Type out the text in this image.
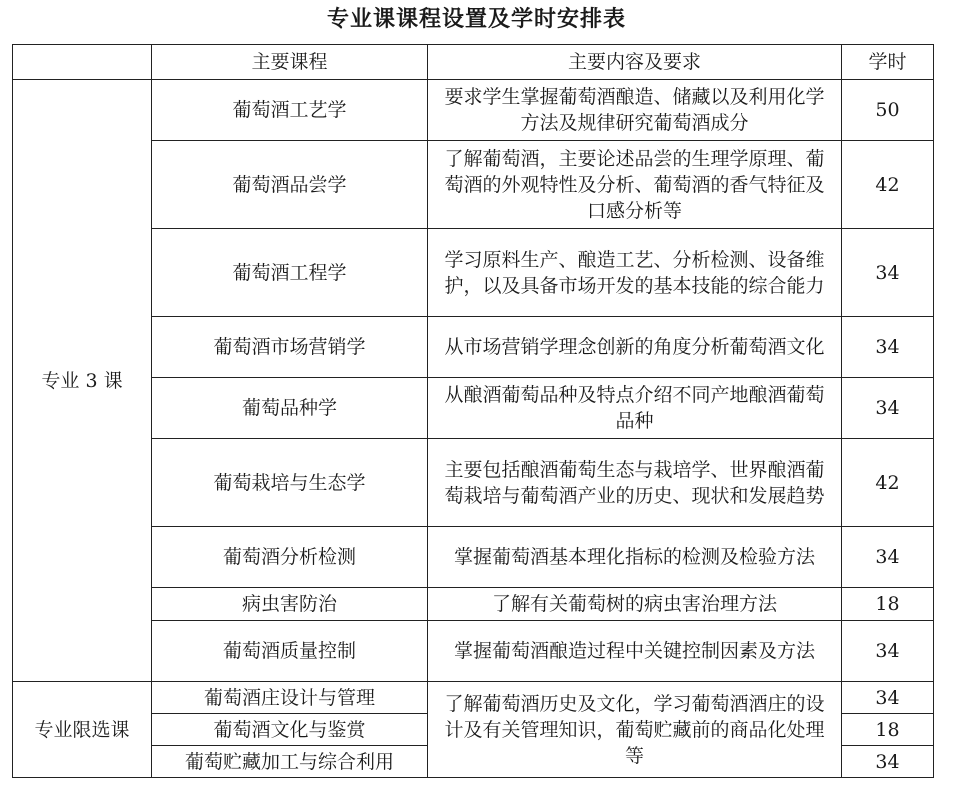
专业课课程设置及学时安排表
	主要课程	主要内容及要求	学时
专业 3 课	葡萄酒工艺学	要求学生掌握葡萄酒酿造、储藏以及利用化学方法及规律研究葡萄酒成分	50
	葡萄酒品尝学	了解葡萄酒，主要论述品尝的生理学原理、葡萄酒的外观特性及分析、葡萄酒的香气特征及口感分析等	42
	葡萄酒工程学	学习原料生产、酿造工艺、分析检测、设备维护，以及具备市场开发的基本技能的综合能力	34
	葡萄酒市场营销学	从市场营销学理念创新的角度分析葡萄酒文化	34
	葡萄品种学	从酿酒葡萄品种及特点介绍不同产地酿酒葡萄品种	34
	葡萄栽培与生态学	主要包括酿酒葡萄生态与栽培学、世界酿酒葡萄栽培与葡萄酒产业的历史、现状和发展趋势	42
	葡萄酒分析检测	掌握葡萄酒基本理化指标的检测及检验方法	34
	病虫害防治	了解有关葡萄树的病虫害治理方法	18
	葡萄酒质量控制	掌握葡萄酒酿造过程中关键控制因素及方法	34
专业限选课	葡萄酒庄设计与管理	了解葡萄酒历史及文化，学习葡萄酒酒庄的设计及有关管理知识，葡萄贮藏前的商品化处理等	34
	葡萄酒文化与鉴赏		18
	葡萄贮藏加工与综合利用		34
